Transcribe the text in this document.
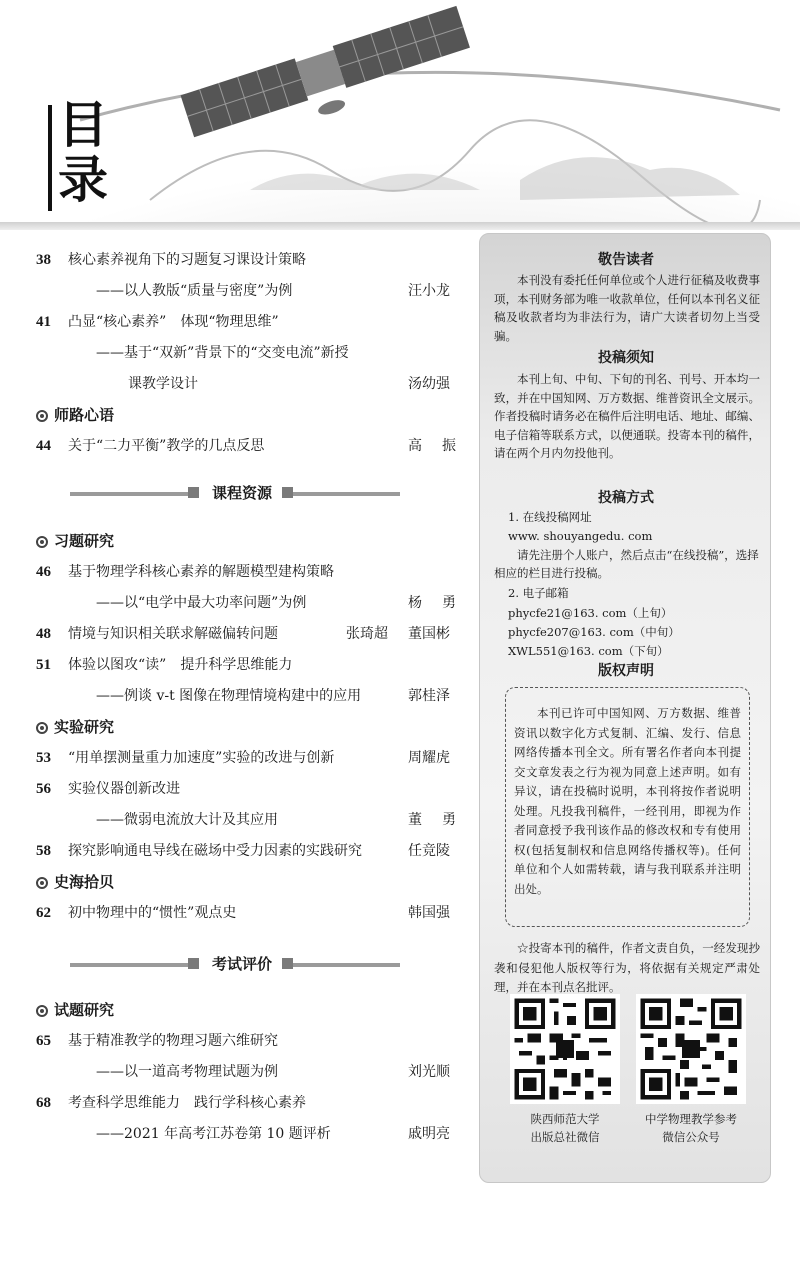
目
录
38 核心素养视角下的习题复习课设计策略
——以人教版“质量与密度”为例	汪小龙
41 凸显“核心素养”　体现“物理思维”
——基于“双新”背景下的“交变电流”新授
课教学设计	汤幼强
师路心语
44 关于“二力平衡”教学的几点反思	高振
课程资源
习题研究
46 基于物理学科核心素养的解题模型建构策略
——以“电学中最大功率问题”为例	杨勇
48 情境与知识相关联求解磁偏转问题	张琦超 董国彬
51 体验以图攻“读”　提升科学思维能力
——例谈 v-t 图像在物理情境构建中的应用	郭桂泽
实验研究
53 “用单摆测量重力加速度”实验的改进与创新	周耀虎
56 实验仪器创新改进
——微弱电流放大计及其应用	董勇
58 探究影响通电导线在磁场中受力因素的实践研究	任竞陵
史海拾贝
62 初中物理中的“惯性”观点史	韩国强
考试评价
试题研究
65 基于精准教学的物理习题六维研究
——以一道高考物理试题为例	刘光顺
68 考查科学思维能力　践行学科核心素养
——2021 年高考江苏卷第 10 题评析	戚明亮
敬告读者
本刊没有委托任何单位或个人进行征稿及收费事项，本刊财务部为唯一收款单位，任何以本刊名义征稿及收款者均为非法行为，请广大读者切勿上当受骗。
投稿须知
本刊上旬、中旬、下旬的刊名、刊号、开本均一致，并在中国知网、万方数据、维普资讯全文展示。作者投稿时请务必在稿件后注明电话、地址、邮编、电子信箱等联系方式，以便通联。投寄本刊的稿件，请在两个月内勿投他刊。
投稿方式
1. 在线投稿网址
www. shouyangedu. com
请先注册个人账户，然后点击“在线投稿”，选择相应的栏目进行投稿。
2. 电子邮箱
phycfe21@163. com（上旬）
phycfe207@163. com（中旬）
XWL551@163. com（下旬）
版权声明
本刊已许可中国知网、万方数据、维普资讯以数字化方式复制、汇编、发行、信息网络传播本刊全文。所有署名作者向本刊提交文章发表之行为视为同意上述声明。如有异议，请在投稿时说明，本刊将按作者说明处理。凡投我刊稿件，一经刊用，即视为作者同意授予我刊该作品的修改权和专有使用权(包括复制权和信息网络传播权等)。任何单位和个人如需转载，请与我刊联系并注明出处。
☆投寄本刊的稿件，作者文责自负，一经发现抄袭和侵犯他人版权等行为，将依据有关规定严肃处理，并在本刊点名批评。
陕西师范大学
出版总社微信
中学物理教学参考
微信公众号
